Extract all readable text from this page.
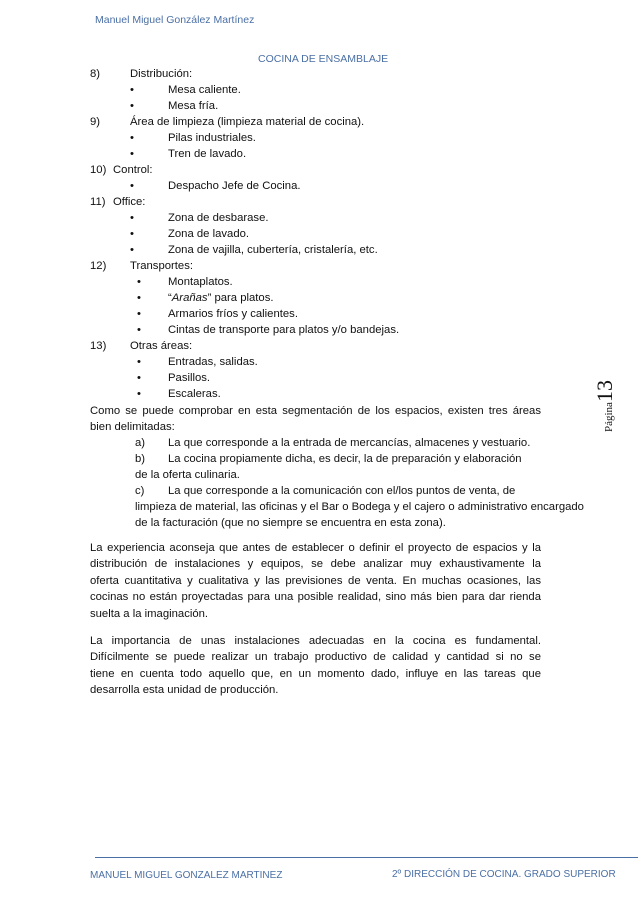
Manuel Miguel González Martínez
COCINA DE ENSAMBLAJE
8)	Distribución:
•	Mesa caliente.
•	Mesa fría.
9)	Área de limpieza (limpieza material de cocina).
•	Pilas industriales.
•	Tren de lavado.
10) Control:
•	Despacho Jefe de Cocina.
11) Office:
•	Zona de desbarase.
•	Zona de lavado.
•	Zona de vajilla, cubertería, cristalería, etc.
12) Transportes:
• Montaplatos.
• “Arañas” para platos.
• Armarios fríos y calientes.
• Cintas de transporte para platos y/o bandejas.
13) Otras áreas:
• Entradas, salidas.
• Pasillos.
• Escaleras.
Como se puede comprobar en esta segmentación de los espacios, existen tres áreas
bien delimitadas:
a) La que corresponde a la entrada de mercancías, almacenes y vestuario.
b) La cocina propiamente dicha, es decir, la de preparación y elaboración
de la oferta culinaria.
c) La que corresponde a la comunicación con el/los puntos de venta, de
limpieza de material, las oficinas y el Bar o Bodega y el cajero o administrativo encargado
de la facturación (que no siempre se encuentra en esta zona).
La experiencia aconseja que antes de establecer o definir el proyecto de espacios y la
distribución de instalaciones y equipos, se debe analizar muy exhaustivamente la
oferta cuantitativa y cualitativa y las previsiones de venta. En muchas ocasiones, las
cocinas no están proyectadas para una posible realidad, sino más bien para dar rienda
suelta a la imaginación.
La importancia de unas instalaciones adecuadas en la cocina es fundamental.
Difícilmente se puede realizar un trabajo productivo de calidad y cantidad si no se
tiene en cuenta todo aquello que, en un momento dado, influye en las tareas que
desarrolla esta unidad de producción.
Página13
MANUEL MIGUEL GONZALEZ MARTINEZ	2º DIRECCIÓN DE COCINA. GRADO SUPERIOR
